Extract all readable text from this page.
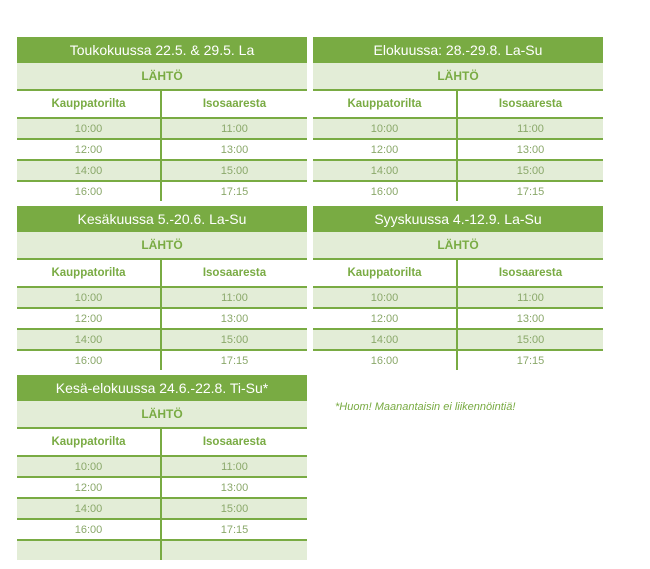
Toukokuussa 22.5. & 29.5. La
LÄHTÖ
Kauppatorilta	Isosaaresta
10:00	11:00
12:00	13:00
14:00	15:00
16:00	17:15
Elokuussa: 28.-29.8. La-Su
LÄHTÖ
Kauppatorilta	Isosaaresta
10:00	11:00
12:00	13:00
14:00	15:00
16:00	17:15
Kesäkuussa 5.-20.6. La-Su
LÄHTÖ
Kauppatorilta	Isosaaresta
10:00	11:00
12:00	13:00
14:00	15:00
16:00	17:15
Syyskuussa 4.-12.9. La-Su
LÄHTÖ
Kauppatorilta	Isosaaresta
10:00	11:00
12:00	13:00
14:00	15:00
16:00	17:15
Kesä-elokuussa 24.6.-22.8. Ti-Su*
LÄHTÖ
Kauppatorilta	Isosaaresta
10:00	11:00
12:00	13:00
14:00	15:00
16:00	17:15
*Huom! Maanantaisin ei liikennöintiä!
